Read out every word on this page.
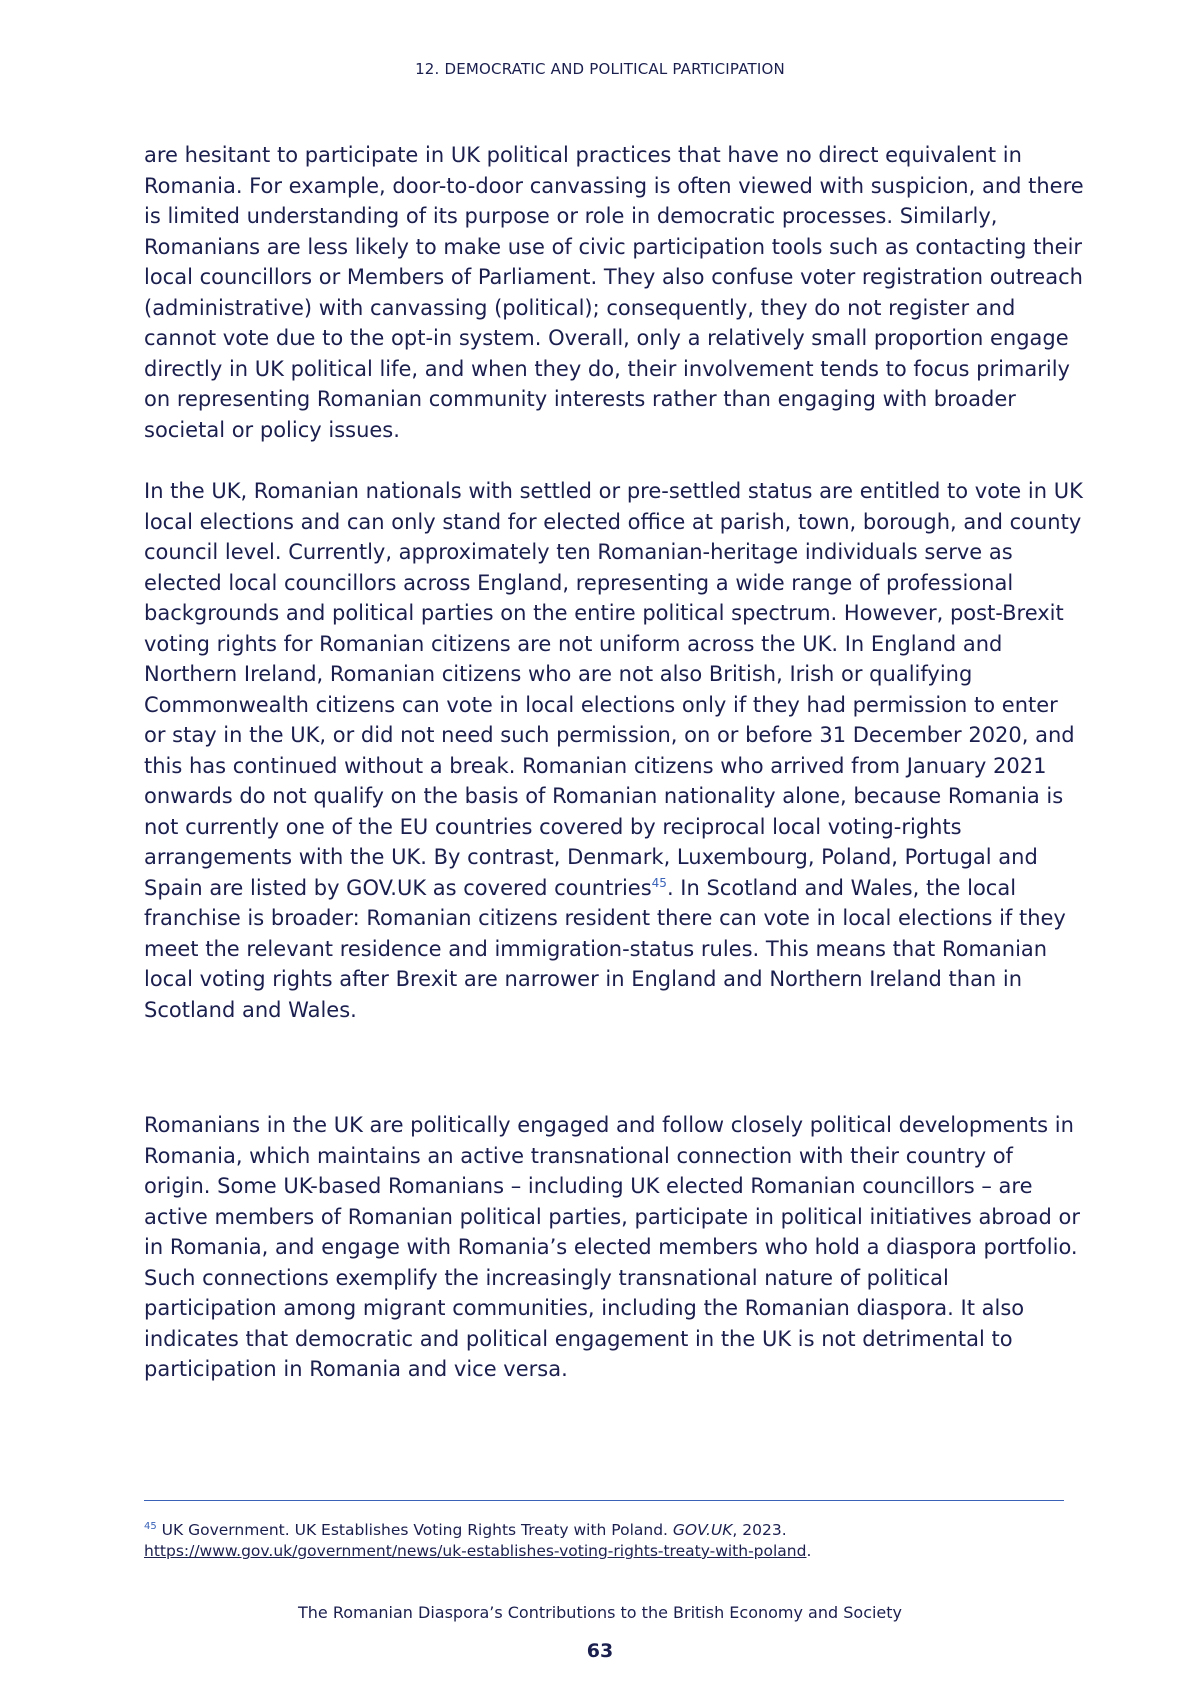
12. DEMOCRATIC AND POLITICAL PARTICIPATION

are hesitant to participate in UK political practices that have no direct equivalent in Romania. For example, door-to-door canvassing is often viewed with suspicion, and there is limited understanding of its purpose or role in democratic processes. Similarly, Romanians are less likely to make use of civic participation tools such as contacting their local councillors or Members of Parliament. They also confuse voter registration outreach (administrative) with canvassing (political); consequently, they do not register and cannot vote due to the opt-in system. Overall, only a relatively small proportion engage directly in UK political life, and when they do, their involvement tends to focus primarily on representing Romanian community interests rather than engaging with broader societal or policy issues.

In the UK, Romanian nationals with settled or pre-settled status are entitled to vote in UK local elections and can only stand for elected office at parish, town, borough, and county council level. Currently, approximately ten Romanian-heritage individuals serve as elected local councillors across England, representing a wide range of professional backgrounds and political parties on the entire political spectrum. However, post-Brexit voting rights for Romanian citizens are not uniform across the UK. In England and Northern Ireland, Romanian citizens who are not also British, Irish or qualifying Commonwealth citizens can vote in local elections only if they had permission to enter or stay in the UK, or did not need such permission, on or before 31 December 2020, and this has continued without a break. Romanian citizens who arrived from January 2021 onwards do not qualify on the basis of Romanian nationality alone, because Romania is not currently one of the EU countries covered by reciprocal local voting-rights arrangements with the UK. By contrast, Denmark, Luxembourg, Poland, Portugal and Spain are listed by GOV.UK as covered countries$^{45}$. In Scotland and Wales, the local franchise is broader: Romanian citizens resident there can vote in local elections if they meet the relevant residence and immigration-status rules. This means that Romanian local voting rights after Brexit are narrower in England and Northern Ireland than in Scotland and Wales.

Romanians in the UK are politically engaged and follow closely political developments in Romania, which maintains an active transnational connection with their country of origin. Some UK-based Romanians – including UK elected Romanian councillors – are active members of Romanian political parties, participate in political initiatives abroad or in Romania, and engage with Romania’s elected members who hold a diaspora portfolio. Such connections exemplify the increasingly transnational nature of political participation among migrant communities, including the Romanian diaspora. It also indicates that democratic and political engagement in the UK is not detrimental to participation in Romania and vice versa.

$^{45}$ UK Government. UK Establishes Voting Rights Treaty with Poland. GOV.UK, 2023.
https://www.gov.uk/government/news/uk-establishes-voting-rights-treaty-with-poland.
The Romanian Diaspora’s Contributions to the British Economy and Society
63
